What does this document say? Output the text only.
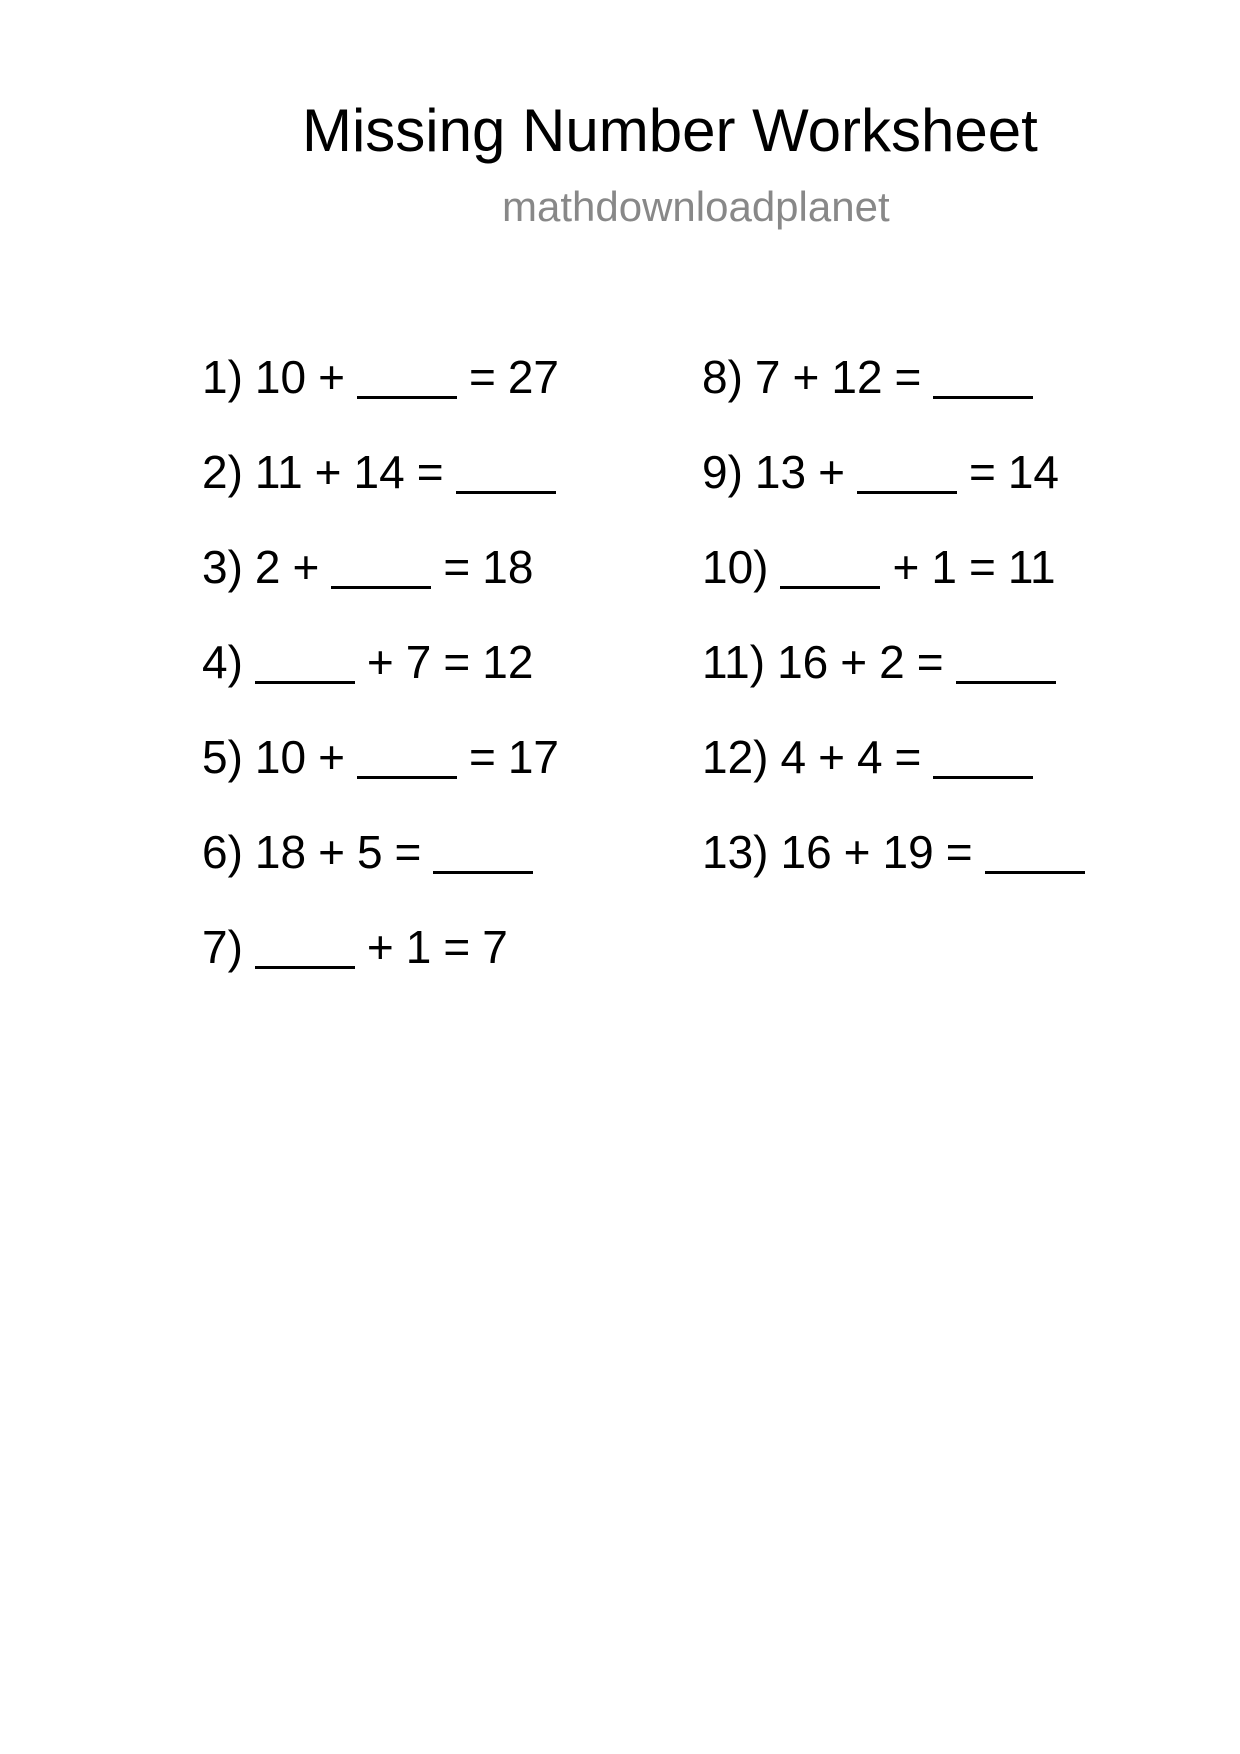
Missing Number Worksheet
mathdownloadplanet
1) 10 +	= 27
2) 11 + 14 =
3) 2 +	= 18
4)	+ 7 = 12
5) 10 +	= 17
6) 18 + 5 =
7)	+ 1 = 7
8) 7 + 12 =
9) 13 +	= 14
10)	+ 1 = 11
11) 16 + 2 =
12) 4 + 4 =
13) 16 + 19 =
